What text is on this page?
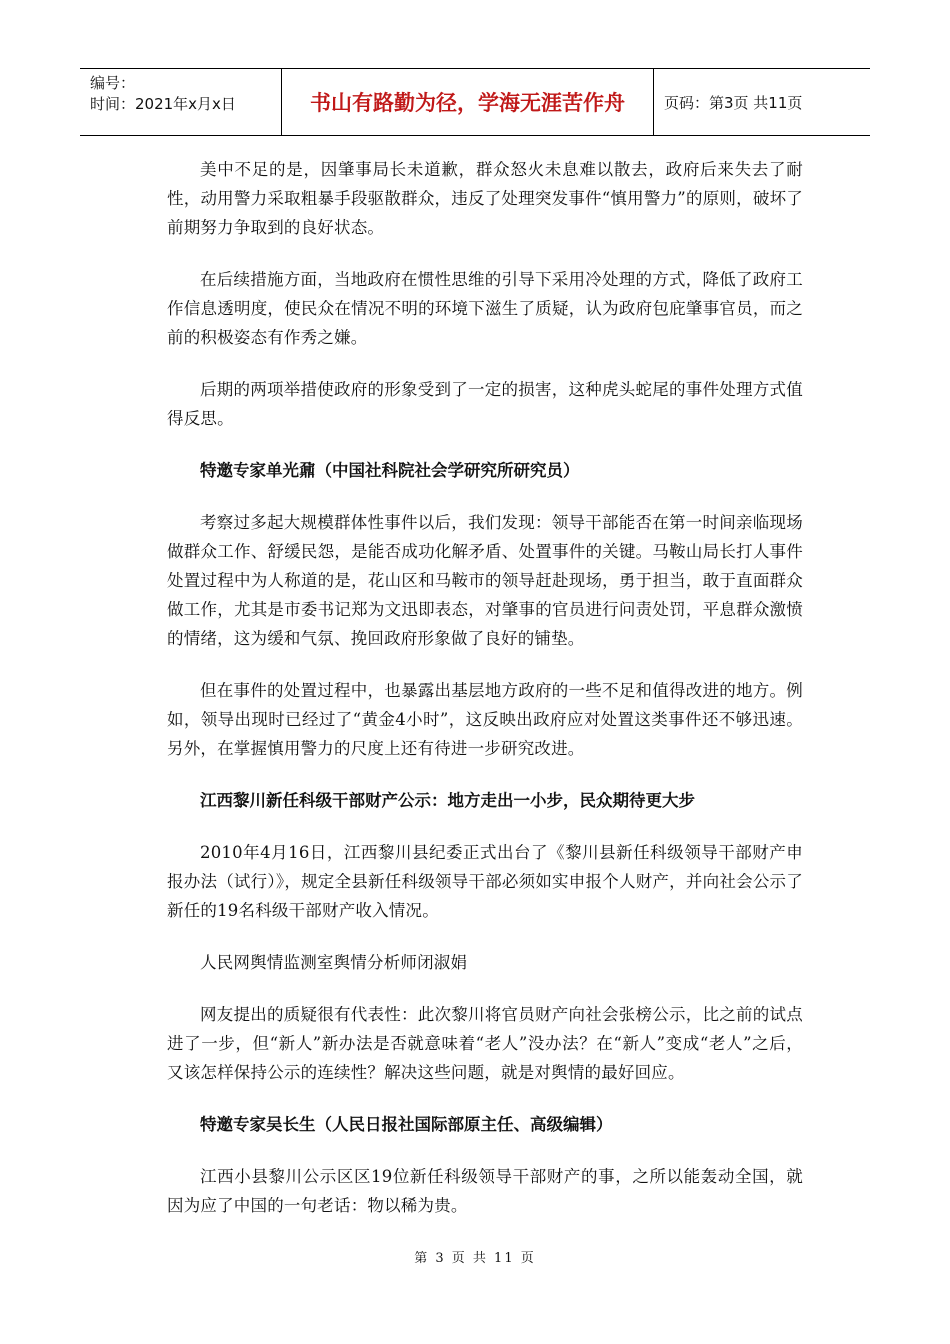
编号：
时间：2021年x月x日	书山有路勤为径，学海无涯苦作舟	页码：第3页 共11页

美中不足的是，因肇事局长未道歉，群众怒火未息难以散去，政府后来失去了耐性，动用警力采取粗暴手段驱散群众，违反了处理突发事件“慎用警力”的原则，破坏了前期努力争取到的良好状态。

在后续措施方面，当地政府在惯性思维的引导下采用冷处理的方式，降低了政府工作信息透明度，使民众在情况不明的环境下滋生了质疑，认为政府包庇肇事官员，而之前的积极姿态有作秀之嫌。

后期的两项举措使政府的形象受到了一定的损害，这种虎头蛇尾的事件处理方式值得反思。

特邀专家单光鼐（中国社科院社会学研究所研究员）

考察过多起大规模群体性事件以后，我们发现：领导干部能否在第一时间亲临现场做群众工作、舒缓民怨，是能否成功化解矛盾、处置事件的关键。马鞍山局长打人事件处置过程中为人称道的是，花山区和马鞍市的领导赶赴现场，勇于担当，敢于直面群众做工作，尤其是市委书记郑为文迅即表态，对肇事的官员进行问责处罚，平息群众激愤的情绪，这为缓和气氛、挽回政府形象做了良好的铺垫。

但在事件的处置过程中，也暴露出基层地方政府的一些不足和值得改进的地方。例如，领导出现时已经过了“黄金4小时”，这反映出政府应对处置这类事件还不够迅速。另外，在掌握慎用警力的尺度上还有待进一步研究改进。

江西黎川新任科级干部财产公示：地方走出一小步，民众期待更大步

2010年4月16日，江西黎川县纪委正式出台了《黎川县新任科级领导干部财产申报办法（试行）》，规定全县新任科级领导干部必须如实申报个人财产，并向社会公示了新任的19名科级干部财产收入情况。

人民网舆情监测室舆情分析师闭淑娟

网友提出的质疑很有代表性：此次黎川将官员财产向社会张榜公示，比之前的试点进了一步，但“新人”新办法是否就意味着“老人”没办法？在“新人”变成“老人”之后，又该怎样保持公示的连续性？解决这些问题，就是对舆情的最好回应。

特邀专家吴长生（人民日报社国际部原主任、高级编辑）

江西小县黎川公示区区19位新任科级领导干部财产的事，之所以能轰动全国，就因为应了中国的一句老话：物以稀为贵。

第 3 页 共 11 页
